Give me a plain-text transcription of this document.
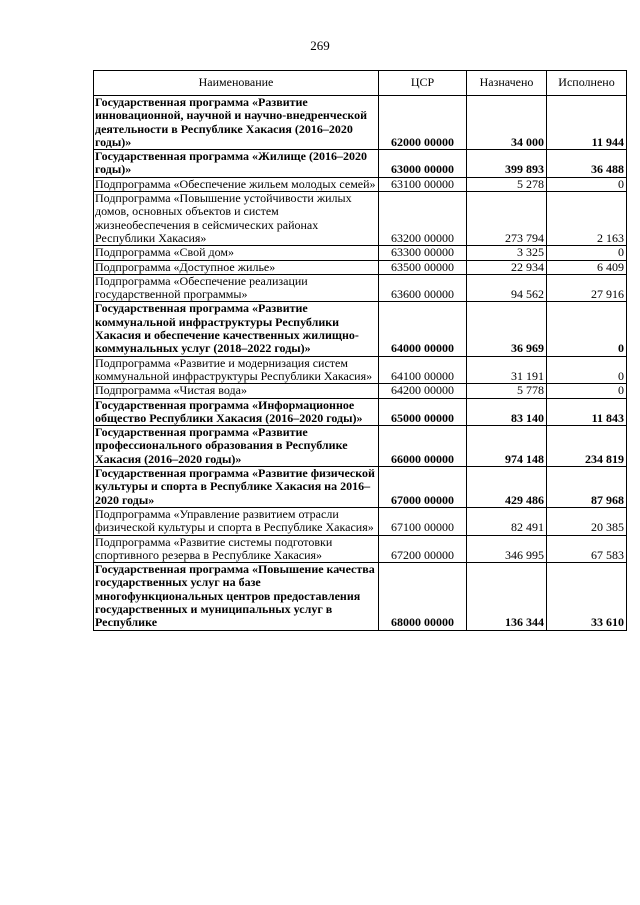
269
Наименование	ЦСР	Назначено	Исполнено
Государственная программа «Развитие инновационной, научной и научно-внедренческой деятельности в Республике Хакасия (2016–2020 годы)»	62000 00000	34 000	11 944
Государственная программа «Жилище (2016–2020 годы)»	63000 00000	399 893	36 488
Подпрограмма «Обеспечение жильем молодых семей»	63100 00000	5 278	0
Подпрограмма «Повышение устойчивости жилых домов, основных объектов и систем жизнеобеспечения в сейсмических районах Республики Хакасия»	63200 00000	273 794	2 163
Подпрограмма «Свой дом»	63300 00000	3 325	0
Подпрограмма «Доступное жилье»	63500 00000	22 934	6 409
Подпрограмма «Обеспечение реализации государственной программы»	63600 00000	94 562	27 916
Государственная программа «Развитие коммунальной инфраструктуры Республики Хакасия и обеспечение качественных жилищно-коммунальных услуг (2018–2022 годы)»	64000 00000	36 969	0
Подпрограмма «Развитие и модернизация систем коммунальной инфраструктуры Республики Хакасия»	64100 00000	31 191	0
Подпрограмма «Чистая вода»	64200 00000	5 778	0
Государственная программа «Информационное общество Республики Хакасия (2016–2020 годы)»	65000 00000	83 140	11 843
Государственная программа «Развитие профессионального образования в Республике Хакасия (2016–2020 годы)»	66000 00000	974 148	234 819
Государственная программа «Развитие физической культуры и спорта в Республике Хакасия на 2016–2020 годы»	67000 00000	429 486	87 968
Подпрограмма «Управление развитием отрасли физической культуры и спорта в Республике Хакасия»	67100 00000	82 491	20 385
Подпрограмма «Развитие системы подготовки спортивного резерва в Республике Хакасия»	67200 00000	346 995	67 583
Государственная программа «Повышение качества государственных услуг на базе многофункциональных центров предоставления государственных и муниципальных услуг в Республике	68000 00000	136 344	33 610
